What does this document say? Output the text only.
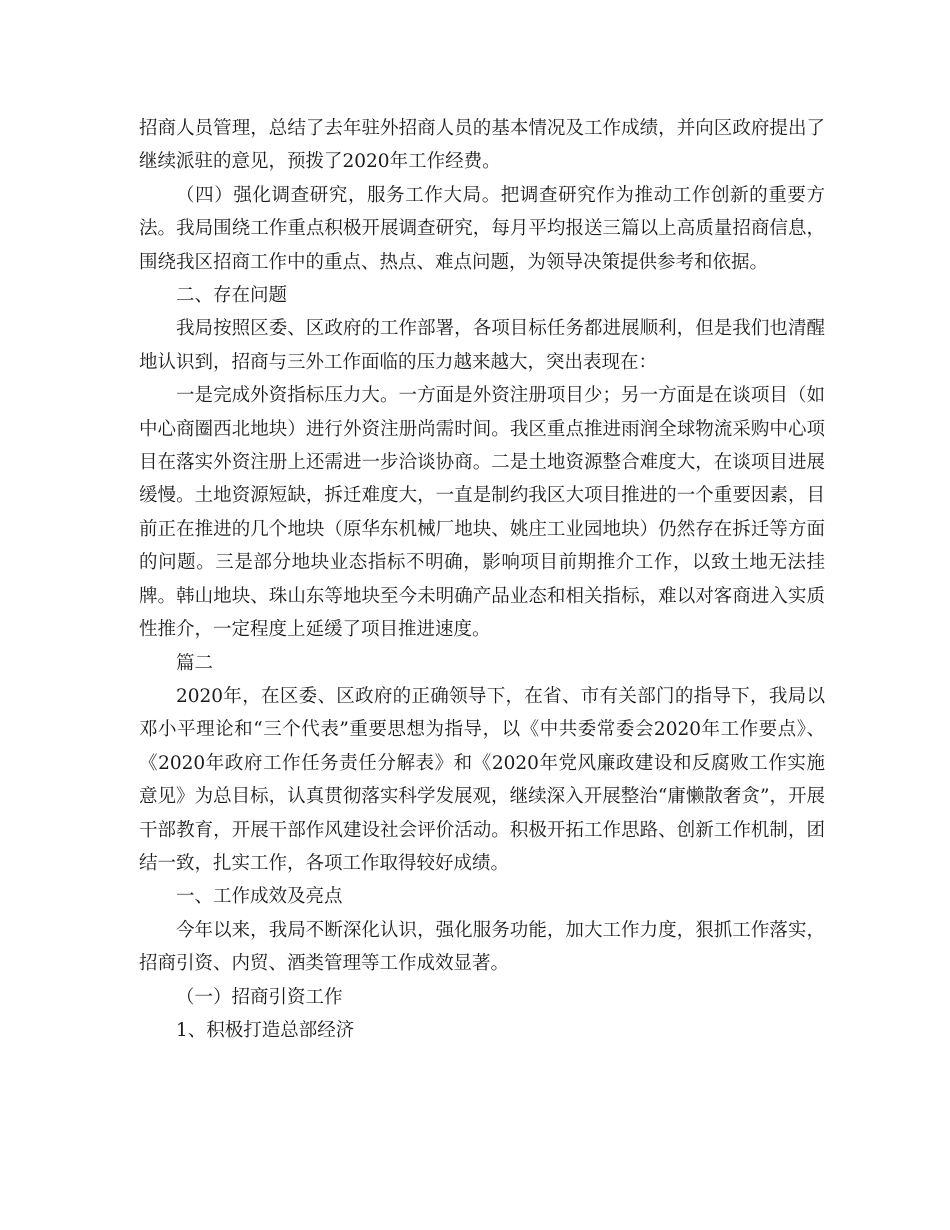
招商人员管理，总结了去年驻外招商人员的基本情况及工作成绩，并向区政府提出了继续派驻的意见，预拨了2020年工作经费。

（四）强化调查研究，服务工作大局。把调查研究作为推动工作创新的重要方法。我局围绕工作重点积极开展调查研究，每月平均报送三篇以上高质量招商信息，围绕我区招商工作中的重点、热点、难点问题，为领导决策提供参考和依据。

二、存在问题

我局按照区委、区政府的工作部署，各项目标任务都进展顺利，但是我们也清醒地认识到，招商与三外工作面临的压力越来越大，突出表现在：

一是完成外资指标压力大。一方面是外资注册项目少；另一方面是在谈项目（如中心商圈西北地块）进行外资注册尚需时间。我区重点推进雨润全球物流采购中心项目在落实外资注册上还需进一步洽谈协商。二是土地资源整合难度大，在谈项目进展缓慢。土地资源短缺，拆迁难度大，一直是制约我区大项目推进的一个重要因素，目前正在推进的几个地块（原华东机械厂地块、姚庄工业园地块）仍然存在拆迁等方面的问题。三是部分地块业态指标不明确，影响项目前期推介工作，以致土地无法挂牌。韩山地块、珠山东等地块至今未明确产品业态和相关指标，难以对客商进入实质性推介，一定程度上延缓了项目推进速度。

篇二

2020年，在区委、区政府的正确领导下，在省、市有关部门的指导下，我局以邓小平理论和“三个代表”重要思想为指导，以《中共委常委会2020年工作要点》、《2020年政府工作任务责任分解表》和《2020年党风廉政建设和反腐败工作实施意见》为总目标，认真贯彻落实科学发展观，继续深入开展整治“庸懒散奢贪”，开展干部教育，开展干部作风建设社会评价活动。积极开拓工作思路、创新工作机制，团结一致，扎实工作，各项工作取得较好成绩。

一、工作成效及亮点

今年以来，我局不断深化认识，强化服务功能，加大工作力度，狠抓工作落实，招商引资、内贸、酒类管理等工作成效显著。

（一）招商引资工作

1、积极打造总部经济
